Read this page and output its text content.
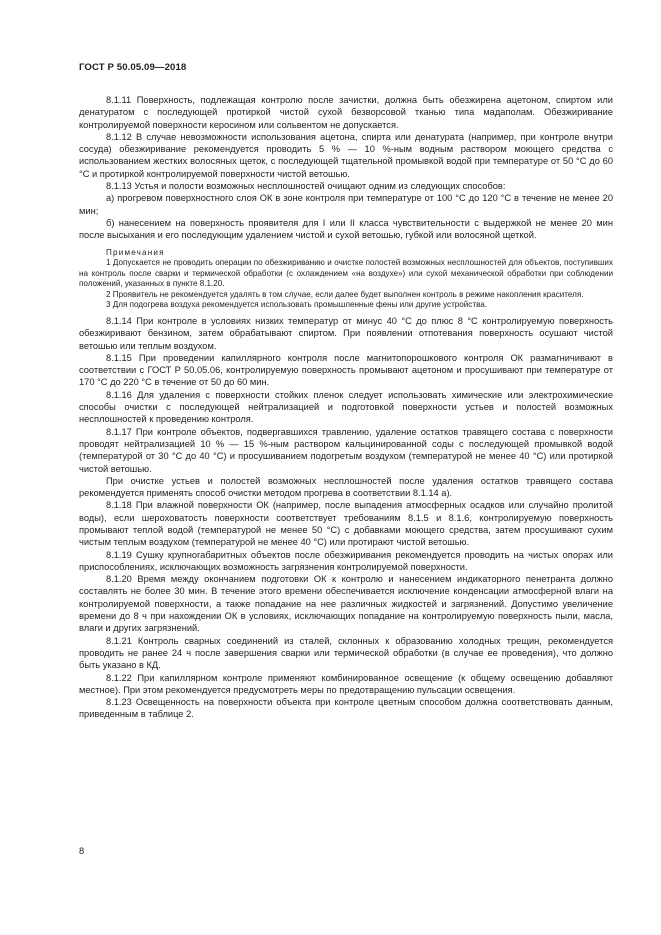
ГОСТ Р 50.05.09—2018

8.1.11 Поверхность, подлежащая контролю после зачистки, должна быть обезжирена ацетоном, спиртом или денатуратом с последующей протиркой чистой сухой безворсовой тканью типа мадаполам. Обезжиривание контролируемой поверхности керосином или сольвентом не допускается.

8.1.12 В случае невозможности использования ацетона, спирта или денатурата (например, при контроле внутри сосуда) обезжиривание рекомендуется проводить 5 % — 10 %-ным водным раствором моющего средства с использованием жестких волосяных щеток, с последующей тщательной промывкой водой при температуре от 50 °С до 60 °С и протиркой контролируемой поверхности чистой ветошью.

8.1.13 Устья и полости возможных несплошностей очищают одним из следующих способов:

а) прогревом поверхностного слоя ОК в зоне контроля при температуре от 100 °С до 120 °С в течение не менее 20 мин;

б) нанесением на поверхность проявителя для I или II класса чувствительности с выдержкой не менее 20 мин после высыхания и его последующим удалением чистой и сухой ветошью, губкой или волосяной щеткой.

Примечания

1 Допускается не проводить операции по обезжириванию и очистке полостей возможных несплошностей для объектов, поступивших на контроль после сварки и термической обработки (с охлаждением «на воздухе») или сухой механической обработки при соблюдении положений, указанных в пункте 8.1.20.

2 Проявитель не рекомендуется удалять в том случае, если далее будет выполнен контроль в режиме накопления красителя.

3 Для подогрева воздуха рекомендуется использовать промышленные фены или другие устройства.

8.1.14 При контроле в условиях низких температур от минус 40 °С до плюс 8 °С контролируемую поверхность обезжиривают бензином, затем обрабатывают спиртом. При появлении отпотевания поверхность осушают чистой ветошью или теплым воздухом.

8.1.15 При проведении капиллярного контроля после магнитопорошкового контроля ОК размагничивают в соответствии с ГОСТ Р 50.05.06, контролируемую поверхность промывают ацетоном и просушивают при температуре от 170 °С до 220 °С в течение от 50 до 60 мин.

8.1.16 Для удаления с поверхности стойких пленок следует использовать химические или электрохимические способы очистки с последующей нейтрализацией и подготовкой поверхности устьев и полостей возможных несплошностей к проведению контроля.

8.1.17 При контроле объектов, подвергавшихся травлению, удаление остатков травящего состава с поверхности проводят нейтрализацией 10 % — 15 %-ным раствором кальцинированной соды с последующей промывкой водой (температурой от 30 °С до 40 °С) и просушиванием подогретым воздухом (температурой не менее 40 °С) или протиркой чистой ветошью.

При очистке устьев и полостей возможных несплошностей после удаления остатков травящего состава рекомендуется применять способ очистки методом прогрева в соответствии 8.1.14 а).

8.1.18 При влажной поверхности ОК (например, после выпадения атмосферных осадков или случайно пролитой воды), если шероховатость поверхности соответствует требованиям 8.1.5 и 8.1.6, контролируемую поверхность промывают теплой водой (температурой не менее 50 °С) с добавками моющего средства, затем просушивают сухим чистым теплым воздухом (температурой не менее 40 °С) или протирают чистой ветошью.

8.1.19 Сушку крупногабаритных объектов после обезжиривания рекомендуется проводить на чистых опорах или приспособлениях, исключающих возможность загрязнения контролируемой поверхности.

8.1.20 Время между окончанием подготовки ОК к контролю и нанесением индикаторного пенетранта должно составлять не более 30 мин. В течение этого времени обеспечивается исключение конденсации атмосферной влаги на контролируемой поверхности, а также попадание на нее различных жидкостей и загрязнений. Допустимо увеличение времени до 8 ч при нахождении ОК в условиях, исключающих попадание на контролируемую поверхность пыли, масла, влаги и других загрязнений.

8.1.21 Контроль сварных соединений из сталей, склонных к образованию холодных трещин, рекомендуется проводить не ранее 24 ч после завершения сварки или термической обработки (в случае ее проведения), что должно быть указано в КД.

8.1.22 При капиллярном контроле применяют комбинированное освещение (к общему освещению добавляют местное). При этом рекомендуется предусмотреть меры по предотвращению пульсации освещения.

8.1.23 Освещенность на поверхности объекта при контроле цветным способом должна соответствовать данным, приведенным в таблице 2.

8
